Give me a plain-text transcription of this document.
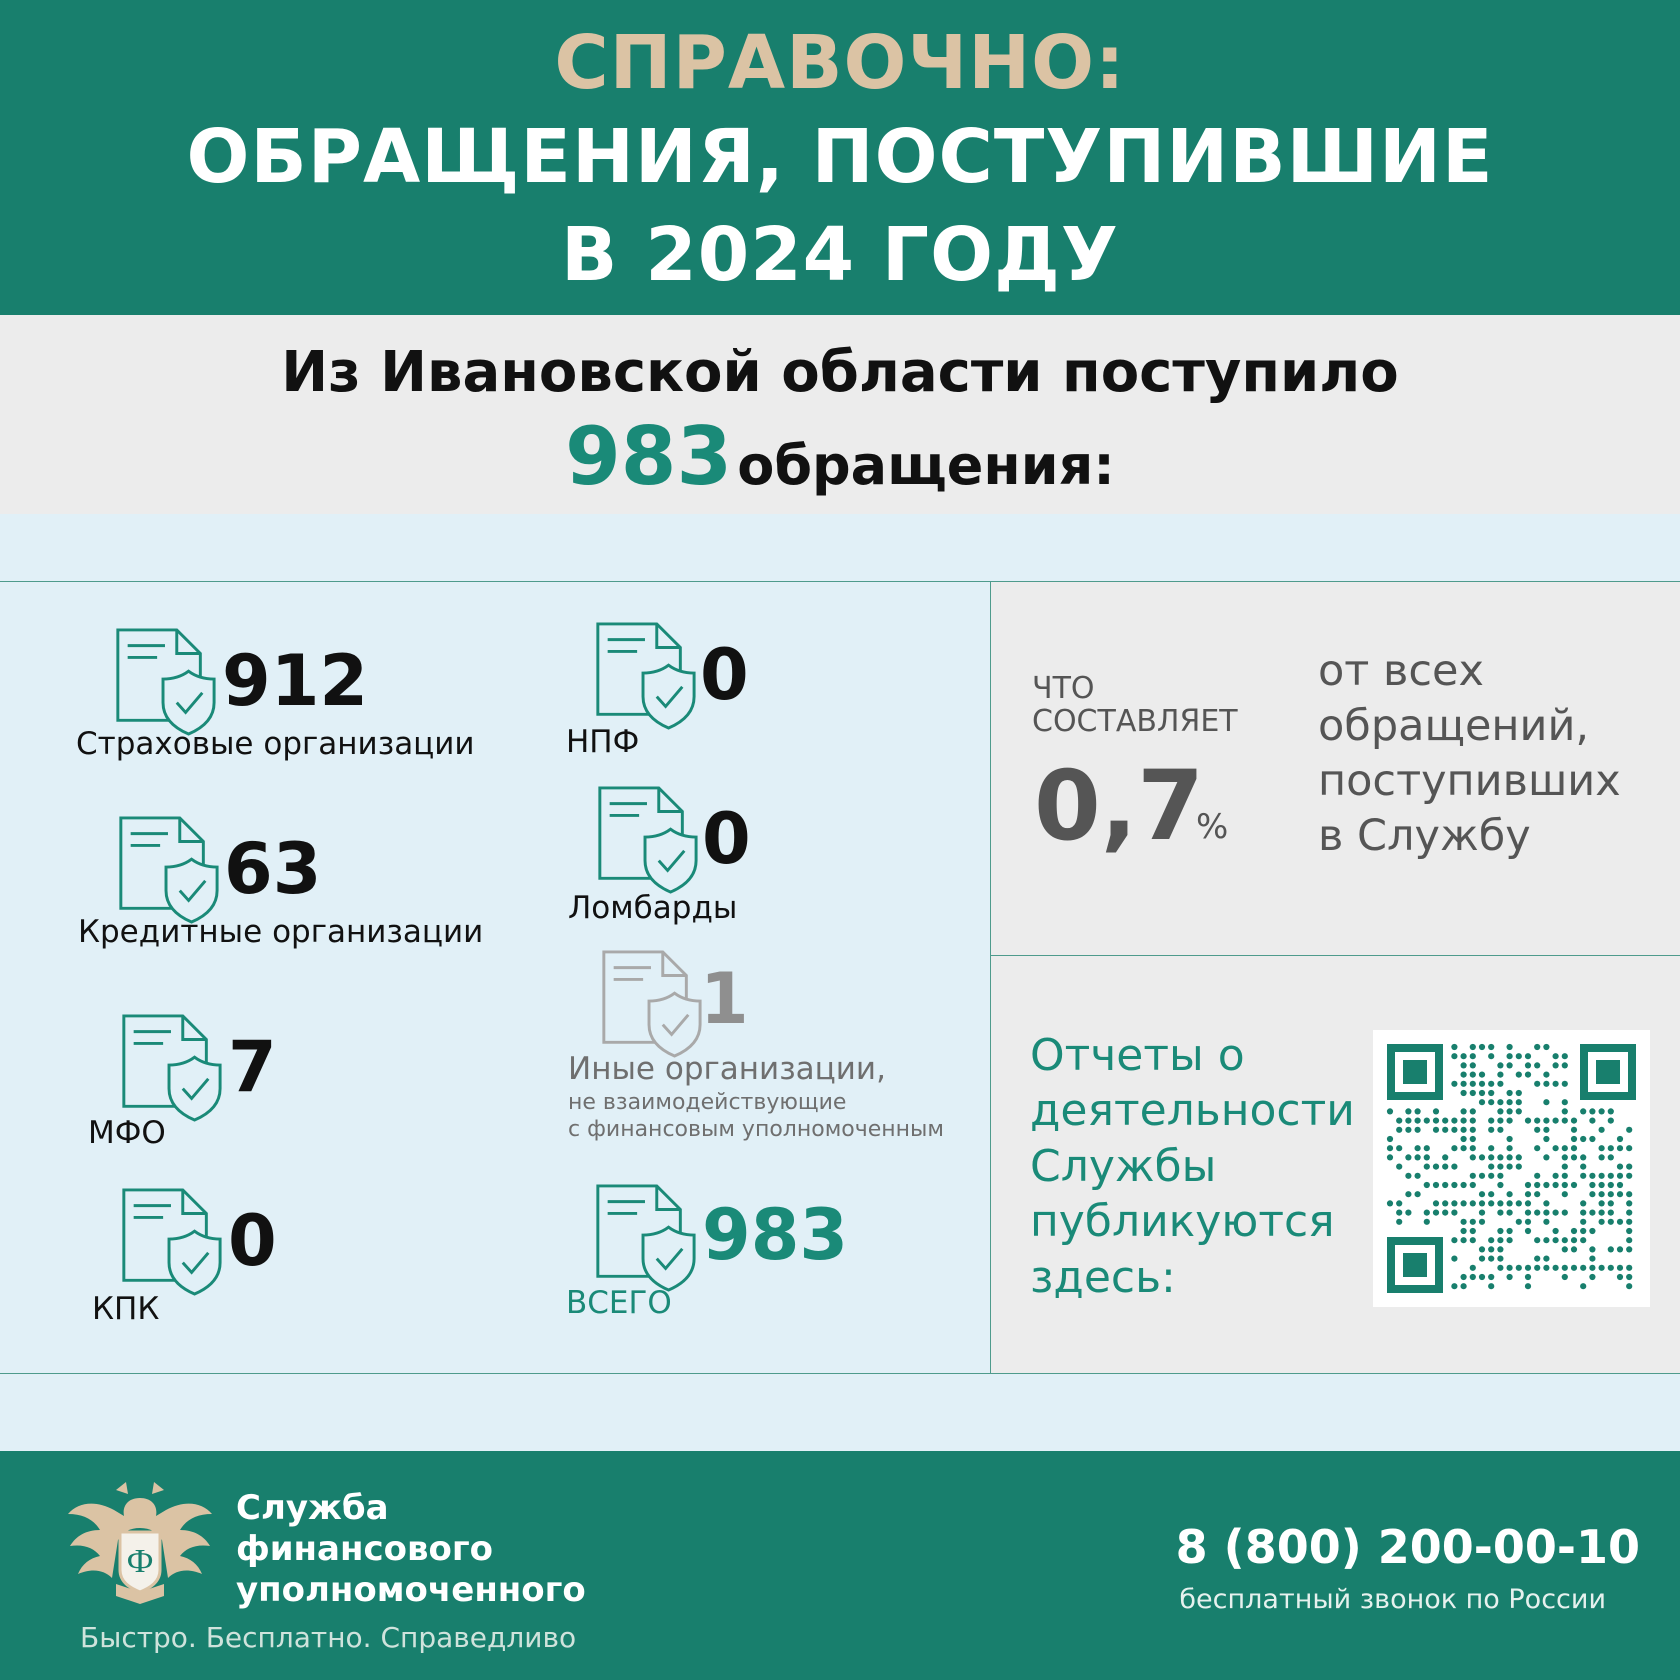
СПРАВОЧНО:
ОБРАЩЕНИЯ, ПОСТУПИВШИЕ
В 2024 ГОДУ
Из Ивановской области поступило
983 обращения:
912
Страховые организации
63
Кредитные организации
7
МФО
0
КПК
0
НПФ
0
Ломбарды
1
Иные организации,
не взаимодействующие
с финансовым уполномоченным
983
ВСЕГО
ЧТО
СОСТАВЛЯЕТ
0,7
%
от всех
обращений,
поступивших
в Службу
Отчеты о
деятельности
Службы
публикуются
здесь:
Ф
Служба
финансового
уполномоченного
Быстро. Бесплатно. Справедливо
8 (800) 200-00-10
бесплатный звонок по России
